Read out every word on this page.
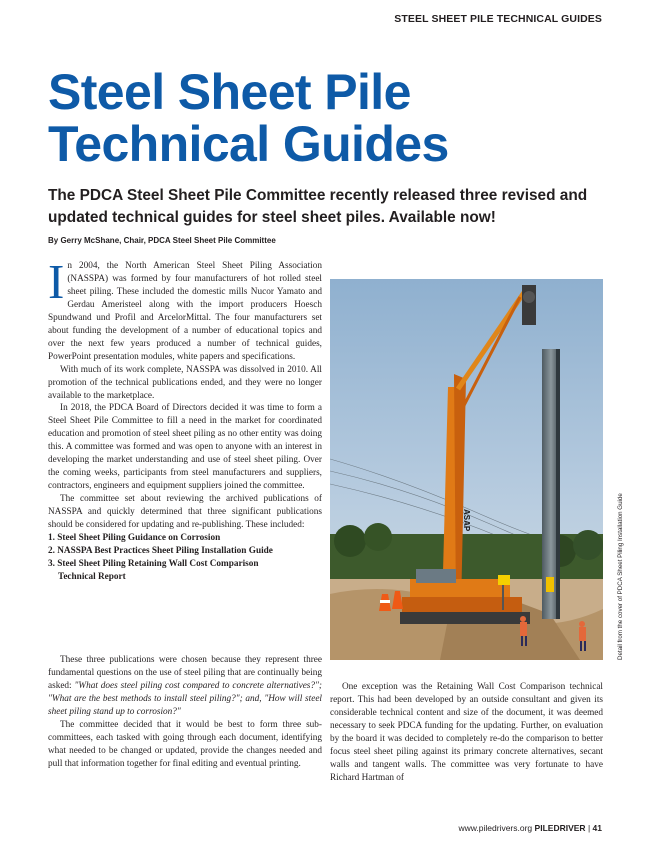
STEEL SHEET PILE TECHNICAL GUIDES
Steel Sheet Pile
Technical Guides

The PDCA Steel Sheet Pile Committee recently released three revised and updated technical guides for steel sheet piles. Available now!

By Gerry McShane, Chair, PDCA Steel Sheet Pile Committee

In 2004, the North American Steel Sheet Piling Association (NASSPA) was formed by four manufacturers of hot rolled steel sheet piling. These included the domestic mills Nucor Yamato and Gerdau Ameristeel along with the import producers Hoesch Spundwand und Profil and ArcelorMittal. The four manufacturers set about funding the development of a number of educational topics and over the next few years produced a number of technical guides, PowerPoint presentation modules, white papers and specifications.

With much of its work complete, NASSPA was dissolved in 2010. All promotion of the technical publications ended, and they were no longer available to the marketplace.

In 2018, the PDCA Board of Directors decided it was time to form a Steel Sheet Pile Committee to fill a need in the market for coordinated education and promotion of steel sheet piling as no other entity was doing this. A committee was formed and was open to anyone with an interest in developing the market understanding and use of steel sheet piling. Over the coming weeks, participants from steel manufacturers and suppliers, contractors, engineers and equipment suppliers joined the committee.

The committee set about reviewing the archived publications of NASSPA and quickly determined that three significant publications should be considered for updating and re-publishing. These included:

1. Steel Sheet Piling Guidance on Corrosion
2. NASSPA Best Practices Sheet Piling Installation Guide
3. Steel Sheet Piling Retaining Wall Cost Comparison
Technical Report

These three publications were chosen because they represent three fundamental questions on the use of steel piling that are continually being asked: "What does steel piling cost compared to concrete alternatives?"; "What are the best methods to install steel piling?"; and, "How will steel sheet piling stand up to corrosion?"

The committee decided that it would be best to form three sub-committees, each tasked with going through each document, identifying what needed to be changed or updated, provide the changes needed and pull that information together for final editing and eventual printing.

ASAP	Detail from the cover of PDCA Sheet Piling Installation Guide

One exception was the Retaining Wall Cost Comparison technical report. This had been developed by an outside consultant and given its considerable technical content and size of the document, it was deemed necessary to seek PDCA funding for the updating. Further, on evaluation by the board it was decided to completely re-do the comparison to better focus steel sheet piling against its primary concrete alternatives, secant walls and tangent walls. The committee was very fortunate to have Richard Hartman of

www.piledrivers.org PILEDRIVER | 41
